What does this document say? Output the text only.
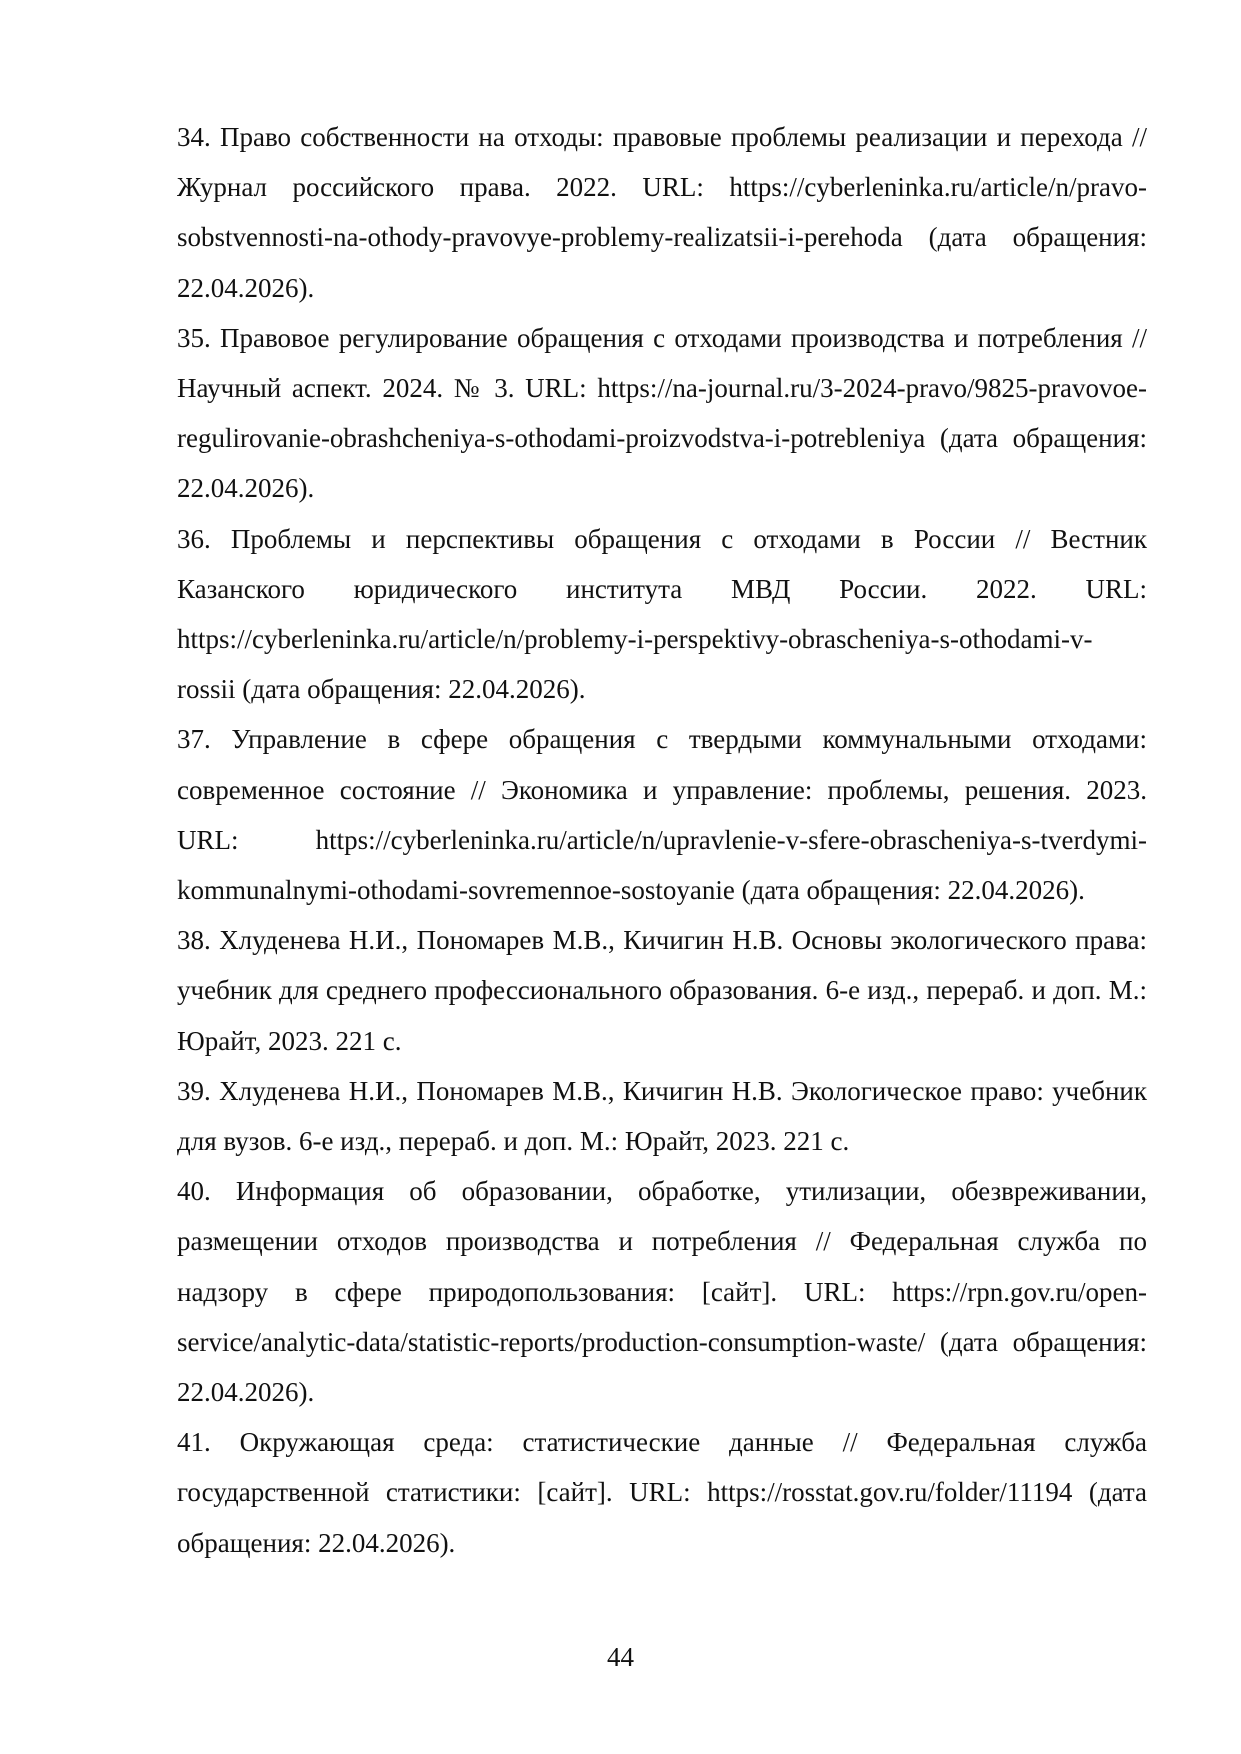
34. Право собственности на отходы: правовые проблемы реализации и перехода // Журнал российского права. 2022. URL: https://cyberleninka.ru/article/n/pravo-sobstvennosti-na-othody-pravovye-problemy-realizatsii-i-perehoda (дата обращения: 22.04.2026).

35. Правовое регулирование обращения с отходами производства и потребления // Научный аспект. 2024. № 3. URL: https://na-journal.ru/3-2024-pravo/9825-pravovoe-regulirovanie-obrashcheniya-s-othodami-proizvodstva-i-potrebleniya (дата обращения: 22.04.2026).

36. Проблемы и перспективы обращения с отходами в России // Вестник Казанского юридического института МВД России. 2022. URL: https://cyberleninka.ru/article/n/problemy-i-perspektivy-obrascheniya-s-othodami-v-rossii (дата обращения: 22.04.2026).

37. Управление в сфере обращения с твердыми коммунальными отходами: современное состояние // Экономика и управление: проблемы, решения. 2023. URL: https://cyberleninka.ru/article/n/upravlenie-v-sfere-obrascheniya-s-tverdymi-kommunalnymi-othodami-sovremennoe-sostoyanie (дата обращения: 22.04.2026).

38. Хлуденева Н.И., Пономарев М.В., Кичигин Н.В. Основы экологического права: учебник для среднего профессионального образования. 6-е изд., перераб. и доп. М.: Юрайт, 2023. 221 с.

39. Хлуденева Н.И., Пономарев М.В., Кичигин Н.В. Экологическое право: учебник для вузов. 6-е изд., перераб. и доп. М.: Юрайт, 2023. 221 с.

40. Информация об образовании, обработке, утилизации, обезвреживании, размещении отходов производства и потребления // Федеральная служба по надзору в сфере природопользования: [сайт]. URL: https://rpn.gov.ru/open-service/analytic-data/statistic-reports/production-consumption-waste/ (дата обращения: 22.04.2026).

41. Окружающая среда: статистические данные // Федеральная служба государственной статистики: [сайт]. URL: https://rosstat.gov.ru/folder/11194 (дата обращения: 22.04.2026).

44
